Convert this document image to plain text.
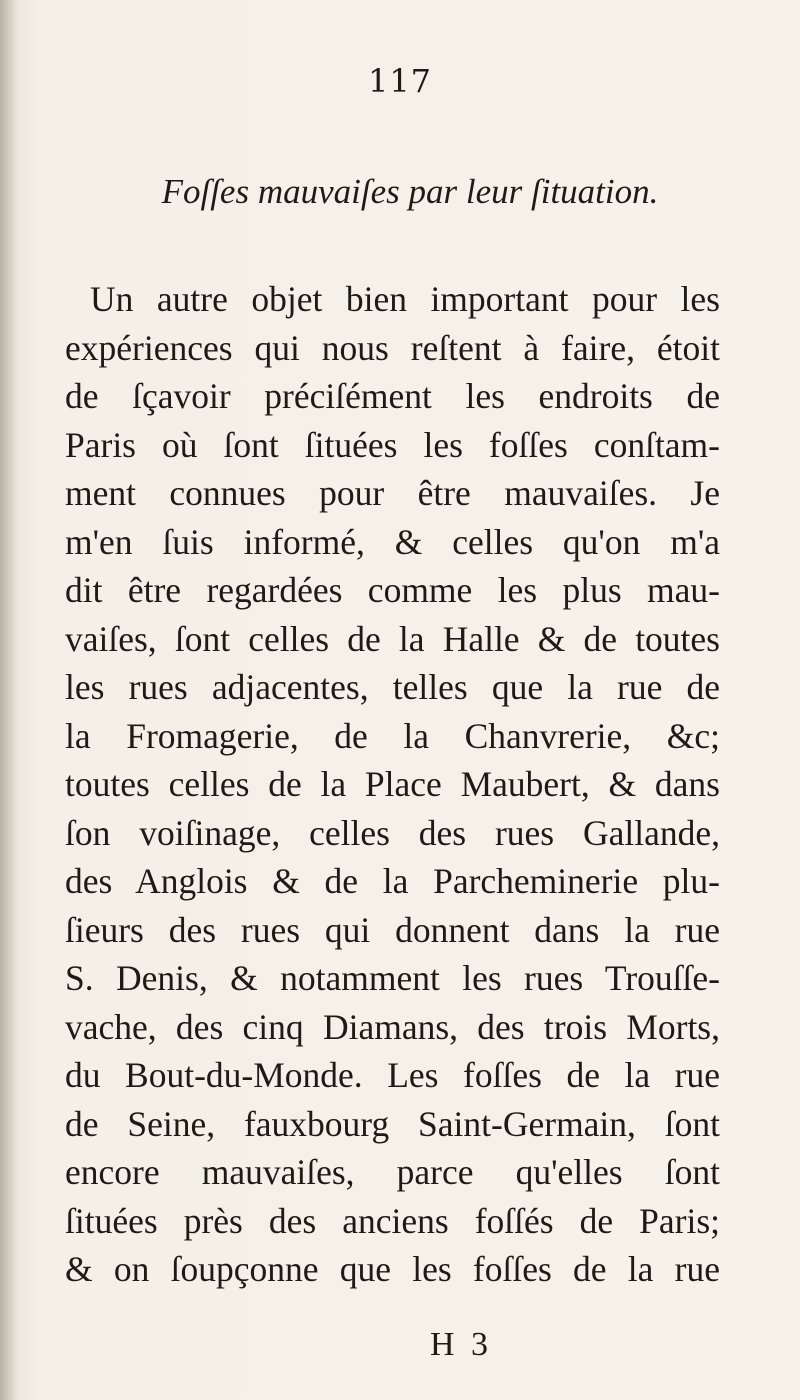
117
Foſſes mauvaiſes par leur ſituation.
Un autre objet bien important pour les
expériences qui nous reſtent à faire, étoit
de ſçavoir préciſément les endroits de
Paris où ſont ſituées les foſſes conſtam-
ment connues pour être mauvaiſes. Je
m'en ſuis informé, & celles qu'on m'a
dit être regardées comme les plus mau-
vaiſes, ſont celles de la Halle & de toutes
les rues adjacentes, telles que la rue de
la Fromagerie, de la Chanvrerie, &c;
toutes celles de la Place Maubert, & dans
ſon voiſinage, celles des rues Gallande,
des Anglois & de la Parcheminerie plu-
ſieurs des rues qui donnent dans la rue
S. Denis, & notamment les rues Trouſſe-
vache, des cinq Diamans, des trois Morts,
du Bout-du-Monde. Les foſſes de la rue
de Seine, fauxbourg Saint-Germain, ſont
encore mauvaiſes, parce qu'elles ſont
ſituées près des anciens foſſés de Paris;
& on ſoupçonne que les foſſes de la rue
H 3
